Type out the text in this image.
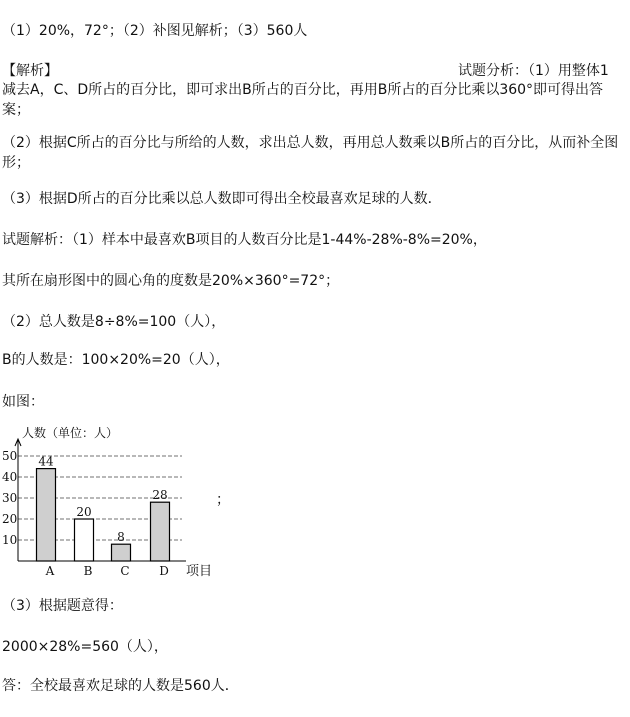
（1）20%，72°；（2）补图见解析；（3）560人
【解析】	试题分析：（1）用整体1
减去A，C、D所占的百分比，即可求出B所占的百分比，再用B所占的百分比乘以360°即可得出答案；
（2）根据C所占的百分比与所给的人数，求出总人数，再用总人数乘以B所占的百分比，从而补全图形；
（3）根据D所占的百分比乘以总人数即可得出全校最喜欢足球的人数．
试题解析：（1）样本中最喜欢B项目的人数百分比是1-44%-28%-8%=20%，
其所在扇形图中的圆心角的度数是20%×360°=72°；
（2）总人数是8÷8%=100（人），
B的人数是：100×20%=20（人），
如图：
人数（单位：人）
10
20
30
40
50 44
A
20
B
8
C
28
D 项目
；
（3）根据题意得：
2000×28%=560（人），
答：全校最喜欢足球的人数是560人．
